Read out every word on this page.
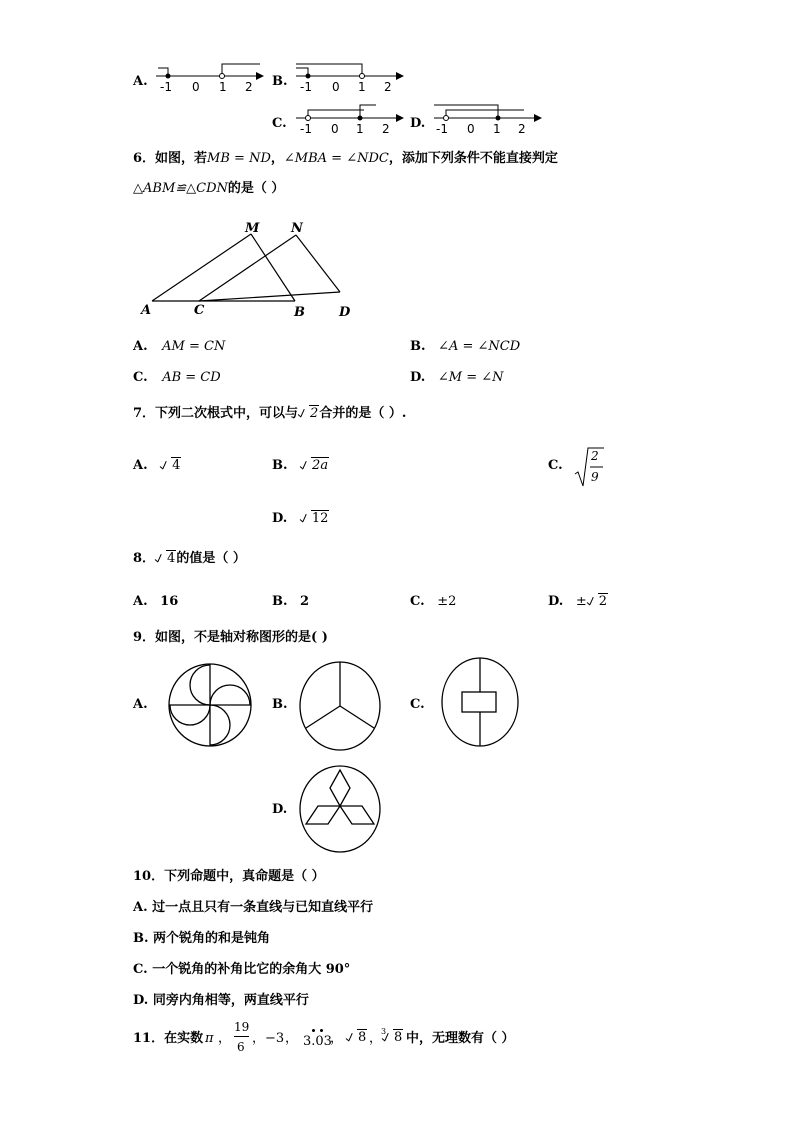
A. -1 0 1 2 B. -1 0 1 2
C. -1 0 1 2 D. -1 0 1 2
6．如图，若MB = ND，∠MBA = ∠NDC，添加下列条件不能直接判定
△ABM≌△CDN的是（ ）
M N
A	C	B	D
A. AM = CN	B. ∠A = ∠NCD
C. AB = CD	D. ∠M = ∠N
7．下列二次根式中，可以与 2合并的是（ ）.
A. 4	B. 2a	C.
2
9
D. 12
8． 4的值是（ ）
A. 16	B. 2	C. ±2	D. ± 2
9．如图，不是轴对称图形的是( )
A.	B.	C.
D.
10．下列命题中，真命题是（ ）
A. 过一点且只有一条直线与已知直线平行
B. 两个锐角的和是钝角
C. 一个锐角的补角比它的余角大 90°
D. 同旁内角相等，两直线平行
11．在实数 π ，
19
6
， −3 ， 3.03
，	8 ，
3 8 中，无理数有（ ）
